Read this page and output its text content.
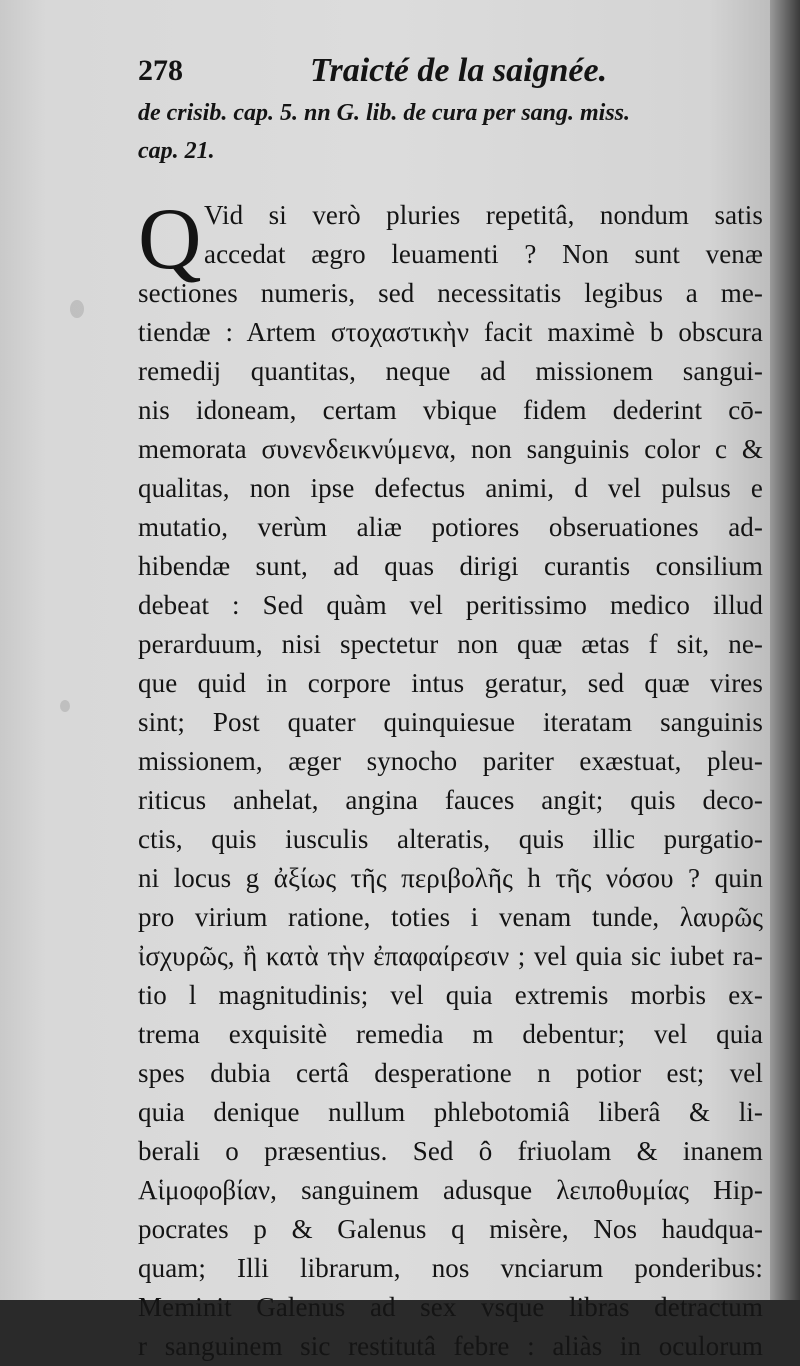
278	Traicté de la saignée.
de crisib. cap. 5. nn G. lib. de cura per sang. miss.
cap. 21.
Q Vid si verò pluries repetitâ, nondum satis
accedat ægro leuamenti ? Non sunt venæ
sectiones numeris, sed necessitatis legibus a me-
tiendæ : Artem στοχαστικὴν facit maximè b obscura
remedij quantitas, neque ad missionem sangui-
nis idoneam, certam vbique fidem dederint cō-
memorata συνενδεικνύμενα, non sanguinis color c &
qualitas, non ipse defectus animi, d vel pulsus e
mutatio, verùm aliæ potiores obseruationes ad-
hibendæ sunt, ad quas dirigi curantis consilium
debeat : Sed quàm vel peritissimo medico illud
perarduum, nisi spectetur non quæ ætas f sit, ne-
que quid in corpore intus geratur, sed quæ vires
sint; Post quater quinquiesue iteratam sanguinis
missionem, æger synocho pariter exæstuat, pleu-
riticus anhelat, angina fauces angit; quis deco-
ctis, quis iusculis alteratis, quis illic purgatio-
ni locus g ἀξίως τῆς περιβολῆς h τῆς νόσου ? quin
pro virium ratione, toties i venam tunde, λαυρῶς
ἰσχυρῶς, ἢ κατὰ τὴν ἐπαφαίρεσιν ; vel quia sic iubet ra-
tio l magnitudinis; vel quia extremis morbis ex-
trema exquisitè remedia m debentur; vel quia
spes dubia certâ desperatione n potior est; vel
quia denique nullum phlebotomiâ liberâ & li-
berali o præsentius. Sed ô friuolam & inanem
Αἱμοφοβίαν, sanguinem adusque λειποθυμίας Hip-
pocrates p & Galenus q misère, Nos haudqua-
quam; Illi librarum, nos vnciarum ponderibus:
Meminit Galenus ad sex vsque libras detractum
r sanguinem sic restitutâ febre : aliàs in oculorum
